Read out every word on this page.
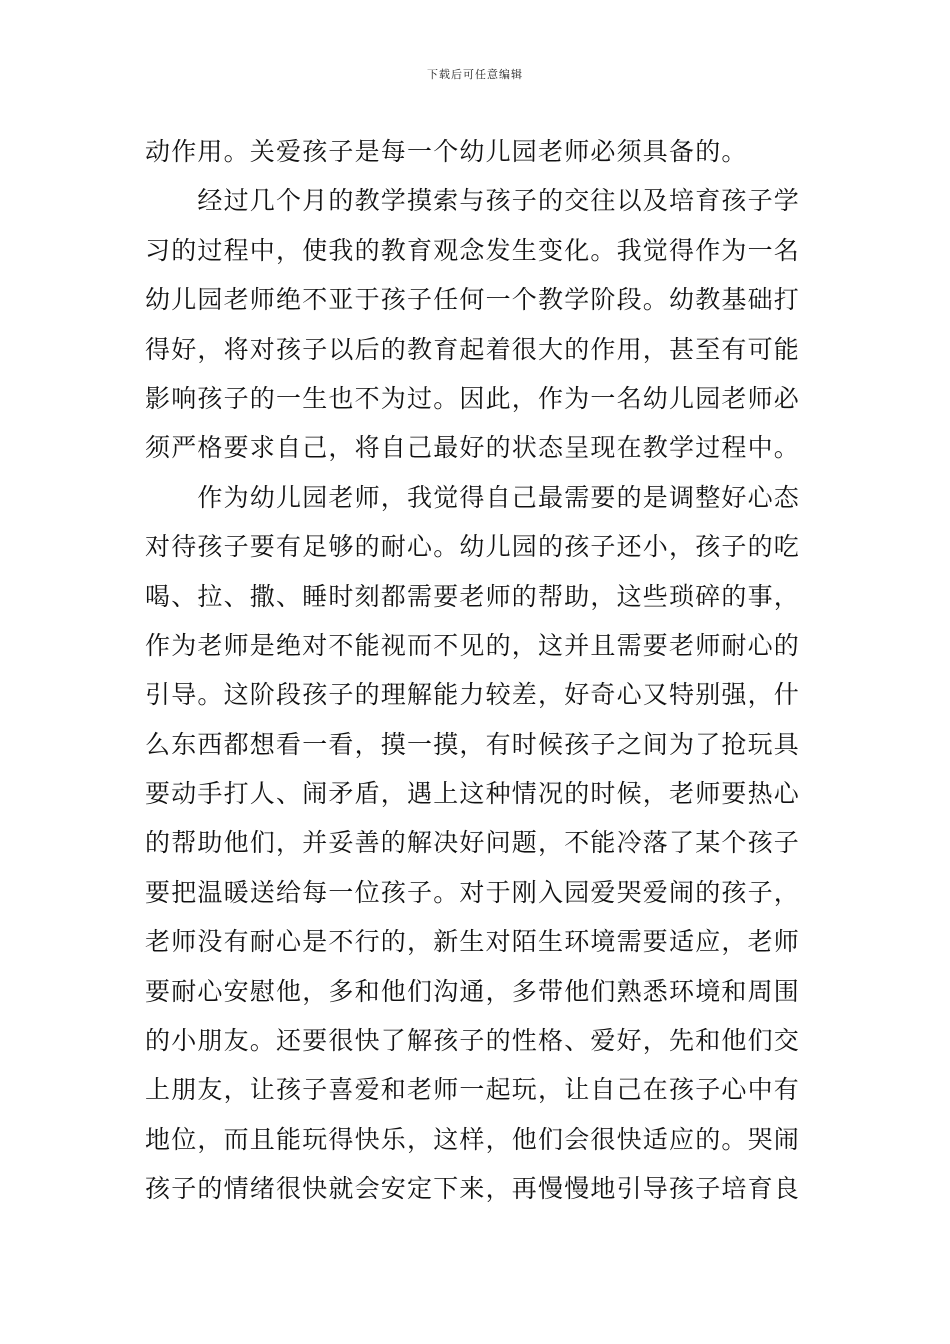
下载后可任意编辑
动作用。关爱孩子是每一个幼儿园老师必须具备的。
　　经过几个月的教学摸索与孩子的交往以及培育孩子学
习的过程中，使我的教育观念发生变化。我觉得作为一名
幼儿园老师绝不亚于孩子任何一个教学阶段。幼教基础打
得好，将对孩子以后的教育起着很大的作用，甚至有可能
影响孩子的一生也不为过。因此，作为一名幼儿园老师必
须严格要求自己，将自己最好的状态呈现在教学过程中。
　　作为幼儿园老师，我觉得自己最需要的是调整好心态
对待孩子要有足够的耐心。幼儿园的孩子还小，孩子的吃
喝、拉、撒、睡时刻都需要老师的帮助，这些琐碎的事，
作为老师是绝对不能视而不见的，这并且需要老师耐心的
引导。这阶段孩子的理解能力较差，好奇心又特别强，什
么东西都想看一看，摸一摸，有时候孩子之间为了抢玩具
要动手打人、闹矛盾，遇上这种情况的时候，老师要热心
的帮助他们，并妥善的解决好问题，不能冷落了某个孩子
要把温暖送给每一位孩子。对于刚入园爱哭爱闹的孩子，
老师没有耐心是不行的，新生对陌生环境需要适应，老师
要耐心安慰他，多和他们沟通，多带他们熟悉环境和周围
的小朋友。还要很快了解孩子的性格、爱好，先和他们交
上朋友，让孩子喜爱和老师一起玩，让自己在孩子心中有
地位，而且能玩得快乐，这样，他们会很快适应的。哭闹
孩子的情绪很快就会安定下来，再慢慢地引导孩子培育良
